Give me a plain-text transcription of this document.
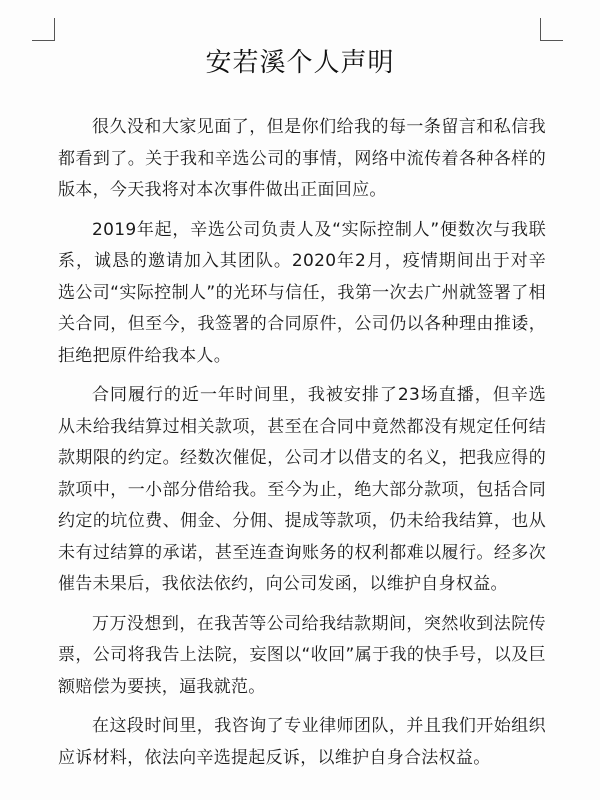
安若溪个人声明

很久没和大家见面了，但是你们给我的每一条留言和私信我都看到了。关于我和辛选公司的事情，网络中流传着各种各样的版本，今天我将对本次事件做出正面回应。

2019年起，辛选公司负责人及“实际控制人”便数次与我联系，诚恳的邀请加入其团队。2020年2月，疫情期间出于对辛选公司“实际控制人”的光环与信任，我第一次去广州就签署了相关合同，但至今，我签署的合同原件，公司仍以各种理由推诿，拒绝把原件给我本人。

合同履行的近一年时间里，我被安排了23场直播，但辛选从未给我结算过相关款项，甚至在合同中竟然都没有规定任何结款期限的约定。经数次催促，公司才以借支的名义，把我应得的款项中，一小部分借给我。至今为止，绝大部分款项，包括合同约定的坑位费、佣金、分佣、提成等款项，仍未给我结算，也从未有过结算的承诺，甚至连查询账务的权利都难以履行。经多次催告未果后，我依法依约，向公司发函，以维护自身权益。

万万没想到，在我苦等公司给我结款期间，突然收到法院传票，公司将我告上法院，妄图以“收回”属于我的快手号，以及巨额赔偿为要挟，逼我就范。

在这段时间里，我咨询了专业律师团队，并且我们开始组织应诉材料，依法向辛选提起反诉，以维护自身合法权益。
